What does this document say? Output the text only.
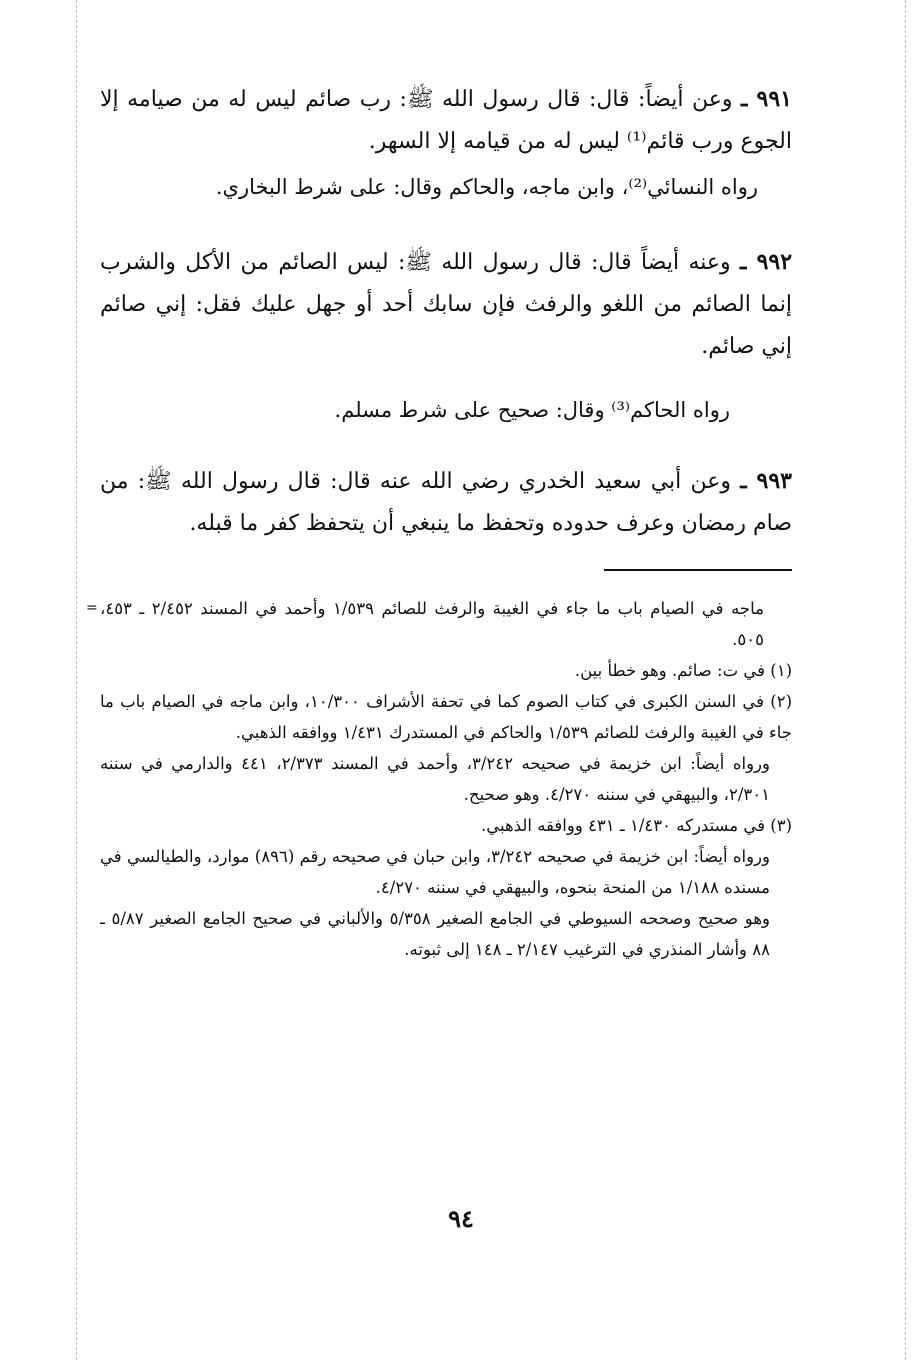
٩٩١ ـ وعن أيضاً: قال: قال رسول الله ﷺ: رب صائم ليس له من صيامه إلا الجوع ورب قائم⁽¹⁾ ليس له من قيامه إلا السهر.

رواه النسائي⁽²⁾، وابن ماجه، والحاكم وقال: على شرط البخاري.

٩٩٢ ـ وعنه أيضاً قال: قال رسول الله ﷺ: ليس الصائم من الأكل والشرب إنما الصائم من اللغو والرفث فإن سابك أحد أو جهل عليك فقل: إني صائم إني صائم.

رواه الحاكم⁽³⁾ وقال: صحيح على شرط مسلم.

٩٩٣ ـ وعن أبي سعيد الخدري رضي الله عنه قال: قال رسول الله ﷺ: من صام رمضان وعرف حدوده وتحفظ ما ينبغي أن يتحفظ كفر ما قبله.

= ماجه في الصيام باب ما جاء في الغيبة والرفث للصائم ١/٥٣٩ وأحمد في المسند ٢/٤٥٢ ـ ٤٥٣، ٥٠٥.

(١) في ت: صائم. وهو خطأ بين.

(٢) في السنن الكبرى في كتاب الصوم كما في تحفة الأشراف ١٠/٣٠٠، وابن ماجه في الصيام باب ما جاء في الغيبة والرفث للصائم ١/٥٣٩ والحاكم في المستدرك ١/٤٣١ ووافقه الذهبي.

ورواه أيضاً: ابن خزيمة في صحيحه ٣/٢٤٢، وأحمد في المسند ٢/٣٧٣، ٤٤١ والدارمي في سننه ٢/٣٠١، والبيهقي في سننه ٤/٢٧٠. وهو صحيح.

(٣) في مستدركه ١/٤٣٠ ـ ٤٣١ ووافقه الذهبي.

ورواه أيضاً: ابن خزيمة في صحيحه ٣/٢٤٢، وابن حبان في صحيحه رقم (٨٩٦) موارد، والطيالسي في مسنده ١/١٨٨ من المنحة بنحوه، والبيهقي في سننه ٤/٢٧٠.

وهو صحيح وصححه السيوطي في الجامع الصغير ٥/٣٥٨ والألباني في صحيح الجامع الصغير ٥/٨٧ ـ ٨٨ وأشار المنذري في الترغيب ٢/١٤٧ ـ ١٤٨ إلى ثبوته.

٩٤
